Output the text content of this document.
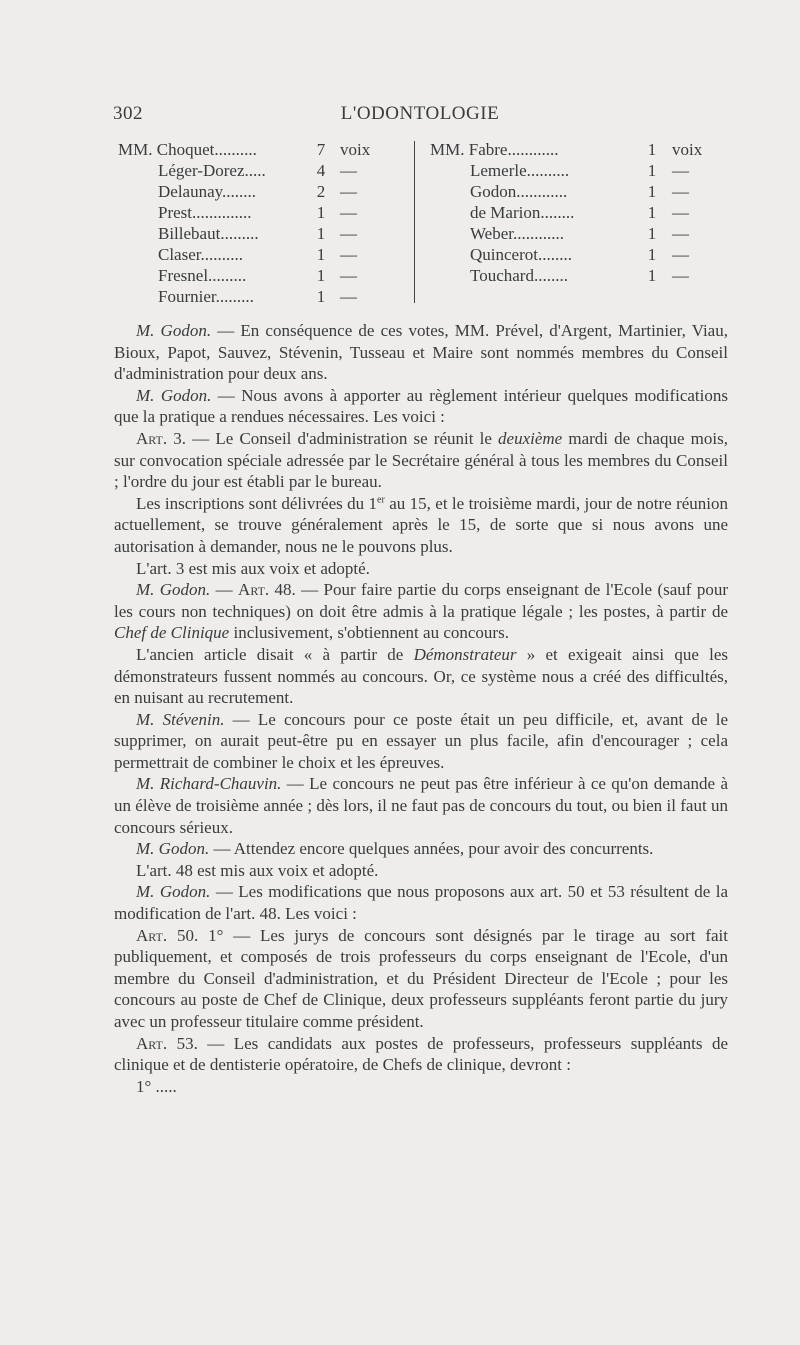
302	L'ODONTOLOGIE
MM. Choquet..........	7 voix
Léger-Dorez.....	4 —
Delaunay........	2 —
Prest..............	1 —
Billebaut.........	1 —
Claser..........	1 —
Fresnel.........	1 —
Fournier.........	1 —
MM. Fabre............	1 voix
Lemerle..........	1 —
Godon............	1 —
de Marion........	1 —
Weber............	1 —
Quincerot........	1 —
Touchard........	1 —

M. Godon. — En conséquence de ces votes, MM. Prével, d'Argent, Martinier, Viau, Bioux, Papot, Sauvez, Stévenin, Tusseau et Maire sont nommés membres du Conseil d'administration pour deux ans.

M. Godon. — Nous avons à apporter au règlement intérieur quelques modifications que la pratique a rendues nécessaires. Les voici :

Art. 3. — Le Conseil d'administration se réunit le deuxième mardi de chaque mois, sur convocation spéciale adressée par le Secrétaire général à tous les membres du Conseil ; l'ordre du jour est établi par le bureau.

Les inscriptions sont délivrées du 1er au 15, et le troisième mardi, jour de notre réunion actuellement, se trouve généralement après le 15, de sorte que si nous avons une autorisation à demander, nous ne le pouvons plus.

L'art. 3 est mis aux voix et adopté.

M. Godon. — Art. 48. — Pour faire partie du corps enseignant de l'Ecole (sauf pour les cours non techniques) on doit être admis à la pratique légale ; les postes, à partir de Chef de Clinique inclusivement, s'obtiennent au concours.

L'ancien article disait « à partir de Démonstrateur » et exigeait ainsi que les démonstrateurs fussent nommés au concours. Or, ce système nous a créé des difficultés, en nuisant au recrutement.

M. Stévenin. — Le concours pour ce poste était un peu difficile, et, avant de le supprimer, on aurait peut-être pu en essayer un plus facile, afin d'encourager ; cela permettrait de combiner le choix et les épreuves.

M. Richard-Chauvin. — Le concours ne peut pas être inférieur à ce qu'on demande à un élève de troisième année ; dès lors, il ne faut pas de concours du tout, ou bien il faut un concours sérieux.

M. Godon. — Attendez encore quelques années, pour avoir des concurrents.

L'art. 48 est mis aux voix et adopté.

M. Godon. — Les modifications que nous proposons aux art. 50 et 53 résultent de la modification de l'art. 48. Les voici :

Art. 50. 1° — Les jurys de concours sont désignés par le tirage au sort fait publiquement, et composés de trois professeurs du corps enseignant de l'Ecole, d'un membre du Conseil d'administration, et du Président Directeur de l'Ecole ; pour les concours au poste de Chef de Clinique, deux professeurs suppléants feront partie du jury avec un professeur titulaire comme président.

Art. 53. — Les candidats aux postes de professeurs, professeurs suppléants de clinique et de dentisterie opératoire, de Chefs de clinique, devront :

1° .....
